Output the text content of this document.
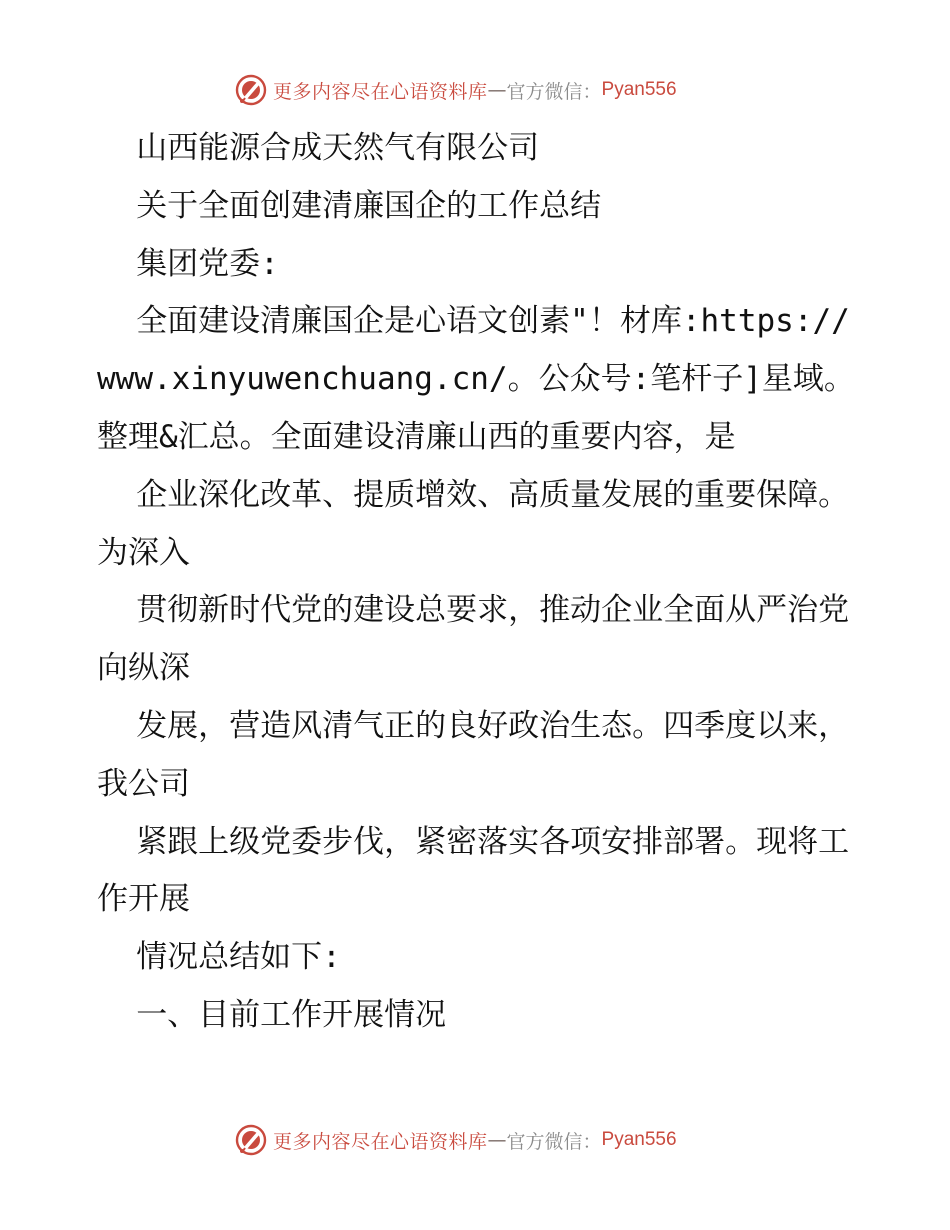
更多内容尽在心语资料库 — 官方微信： Pyan556

山西能源合成天然气有限公司

关于全面创建清廉国企的工作总结

集团党委:

全面建设清廉国企是心语文创素"！材库:https://www.xinyuwenchuang.cn/。公众号:笔杆子]星域。整理&汇总。全面建设清廉山西的重要内容，是

企业深化改革、提质增效、高质量发展的重要保障。为深入

贯彻新时代党的建设总要求，推动企业全面从严治党向纵深

发展，营造风清气正的良好政治生态。四季度以来，我公司

紧跟上级党委步伐，紧密落实各项安排部署。现将工作开展

情况总结如下:

一、目前工作开展情况

更多内容尽在心语资料库 — 官方微信： Pyan556
